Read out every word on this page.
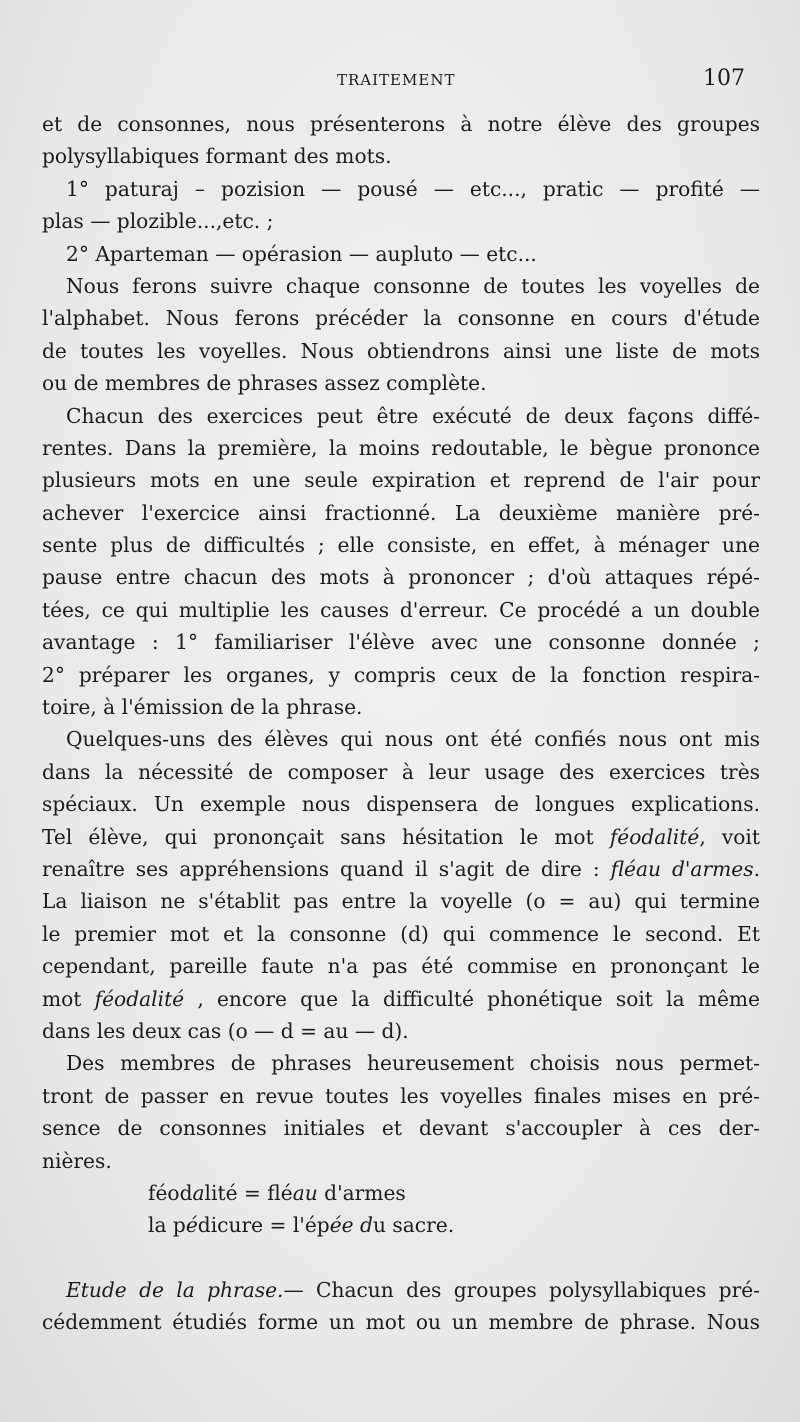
TRAITEMENT	107
et de consonnes, nous présenterons à notre élève des groupes
polysyllabiques formant des mots.
1° paturaj – pozision — pousé — etc..., pratic — profité —
plas — plozible...,etc. ;
2° Aparteman — opérasion — aupluto — etc...
Nous ferons suivre chaque consonne de toutes les voyelles de
l'alphabet. Nous ferons précéder la consonne en cours d'étude
de toutes les voyelles. Nous obtiendrons ainsi une liste de mots
ou de membres de phrases assez complète.
Chacun des exercices peut être exécuté de deux façons diffé-
rentes. Dans la première, la moins redoutable, le bègue prononce
plusieurs mots en une seule expiration et reprend de l'air pour
achever l'exercice ainsi fractionné. La deuxième manière pré-
sente plus de difficultés ; elle consiste, en effet, à ménager une
pause entre chacun des mots à prononcer ; d'où attaques répé-
tées, ce qui multiplie les causes d'erreur. Ce procédé a un double
avantage : 1° familiariser l'élève avec une consonne donnée ;
2° préparer les organes, y compris ceux de la fonction respira-
toire, à l'émission de la phrase.
Quelques-uns des élèves qui nous ont été confiés nous ont mis
dans la nécessité de composer à leur usage des exercices très
spéciaux. Un exemple nous dispensera de longues explications.
Tel élève, qui prononçait sans hésitation le mot féodalité, voit
renaître ses appréhensions quand il s'agit de dire : fléau d'armes.
La liaison ne s'établit pas entre la voyelle (o = au) qui termine
le premier mot et la consonne (d) qui commence le second. Et
cependant, pareille faute n'a pas été commise en prononçant le
mot féodalité , encore que la difficulté phonétique soit la même
dans les deux cas (o — d = au — d).
Des membres de phrases heureusement choisis nous permet-
tront de passer en revue toutes les voyelles finales mises en pré-
sence de consonnes initiales et devant s'accoupler à ces der-
nières.
féodalité = fléau d'armes
la pédicure = l'épée du sacre.
Etude de la phrase.— Chacun des groupes polysyllabiques pré-
cédemment étudiés forme un mot ou un membre de phrase. Nous
